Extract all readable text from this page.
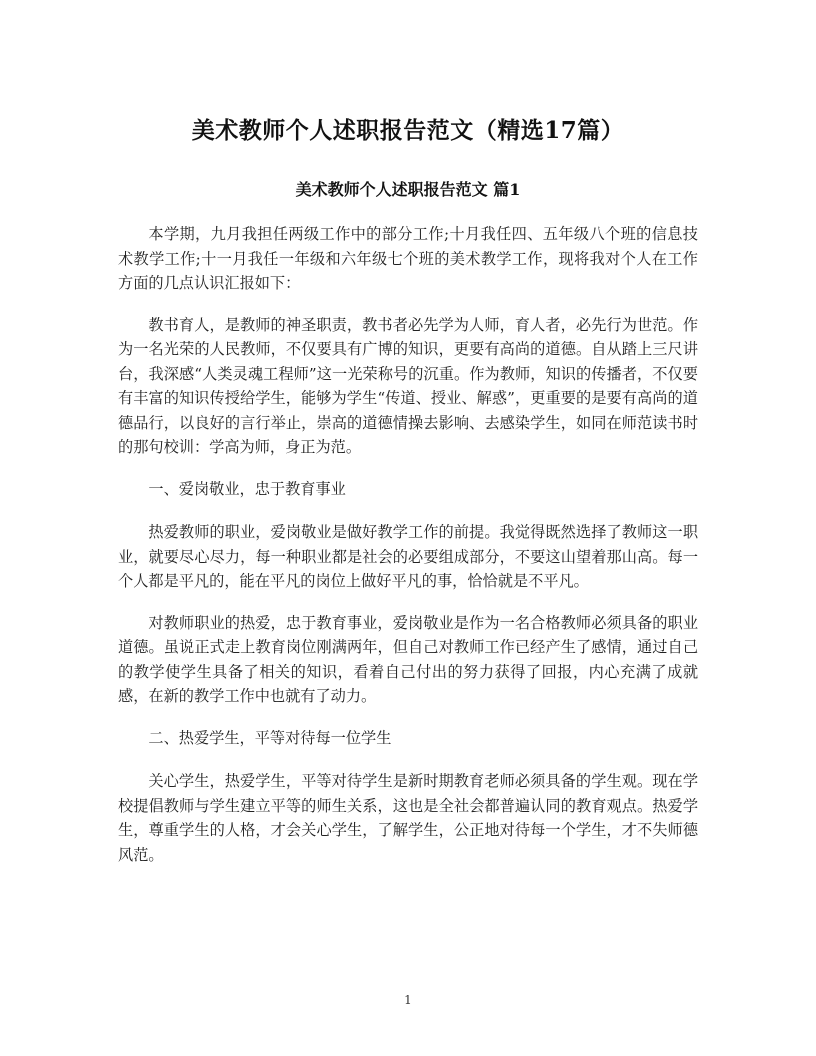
美术教师个人述职报告范文（精选17篇）
美术教师个人述职报告范文 篇1

本学期，九月我担任两级工作中的部分工作;十月我任四、五年级八个班的信息技术教学工作;十一月我任一年级和六年级七个班的美术教学工作，现将我对个人在工作方面的几点认识汇报如下：

教书育人，是教师的神圣职责，教书者必先学为人师，育人者，必先行为世范。作为一名光荣的人民教师，不仅要具有广博的知识，更要有高尚的道德。自从踏上三尺讲台，我深感“人类灵魂工程师”这一光荣称号的沉重。作为教师，知识的传播者，不仅要有丰富的知识传授给学生，能够为学生“传道、授业、解惑”，更重要的是要有高尚的道德品行，以良好的言行举止，崇高的道德情操去影响、去感染学生，如同在师范读书时的那句校训：学高为师，身正为范。

一、爱岗敬业，忠于教育事业

热爱教师的职业，爱岗敬业是做好教学工作的前提。我觉得既然选择了教师这一职业，就要尽心尽力，每一种职业都是社会的必要组成部分，不要这山望着那山高。每一个人都是平凡的，能在平凡的岗位上做好平凡的事，恰恰就是不平凡。

对教师职业的热爱，忠于教育事业，爱岗敬业是作为一名合格教师必须具备的职业道德。虽说正式走上教育岗位刚满两年，但自己对教师工作已经产生了感情，通过自己的教学使学生具备了相关的知识，看着自己付出的努力获得了回报，内心充满了成就感，在新的教学工作中也就有了动力。

二、热爱学生，平等对待每一位学生

关心学生，热爱学生，平等对待学生是新时期教育老师必须具备的学生观。现在学校提倡教师与学生建立平等的师生关系，这也是全社会都普遍认同的教育观点。热爱学生，尊重学生的人格，才会关心学生，了解学生，公正地对待每一个学生，才不失师德风范。

1
